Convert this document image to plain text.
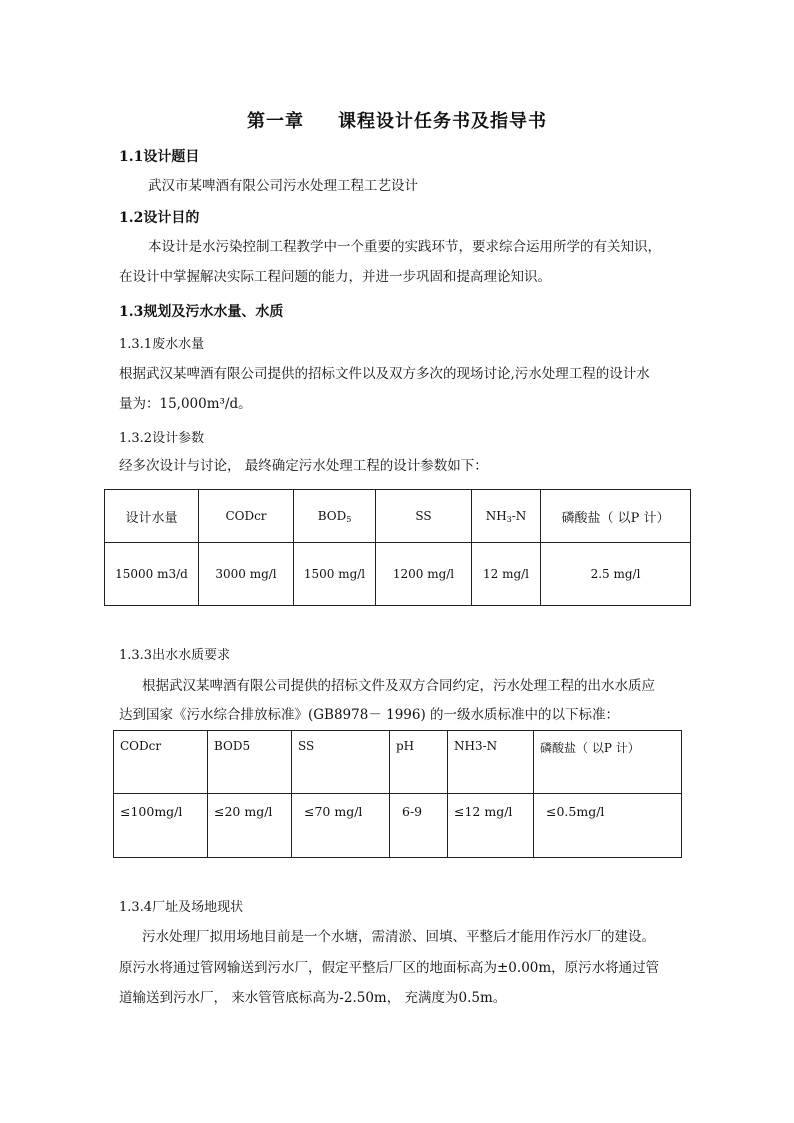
第一章 课程设计任务书及指导书
1.1设计题目
武汉市某啤酒有限公司污水处理工程工艺设计
1.2设计目的
本设计是水污染控制工程教学中一个重要的实践环节，要求综合运用所学的有关知识，
在设计中掌握解决实际工程问题的能力，并进一步巩固和提高理论知识。
1.3规划及污水水量、水质
1.3.1废水水量
根据武汉某啤酒有限公司提供的招标文件以及双方多次的现场讨论,污水处理工程的设计水
量为：15,000m³/d。
1.3.2设计参数
经多次设计与讨论， 最终确定污水处理工程的设计参数如下：
设计水量	CODcr	$BOD_5$	SS	$NH_3-N$	磷酸盐（ 以P 计）
15000 m3/d	3000 mg/l	1500 mg/l	1200 mg/l	12 mg/l	2.5 mg/l
1.3.3出水水质要求
根据武汉某啤酒有限公司提供的招标文件及双方合同约定，污水处理工程的出水水质应
达到国家《污水综合排放标准》(GB8978－ 1996) 的一级水质标准中的以下标准：
CODcr	BOD5	SS	pH	NH3-N	磷酸盐（ 以P 计）
≤100mg/l	≤20 mg/l	≤70 mg/l	6-9	≤12 mg/l	≤0.5mg/l
1.3.4厂址及场地现状
污水处理厂拟用场地目前是一个水塘，需清淤、回填、平整后才能用作污水厂的建设。
原污水将通过管网输送到污水厂，假定平整后厂区的地面标高为±0.00m，原污水将通过管
道输送到污水厂， 来水管管底标高为-2.50m， 充满度为0.5m。
